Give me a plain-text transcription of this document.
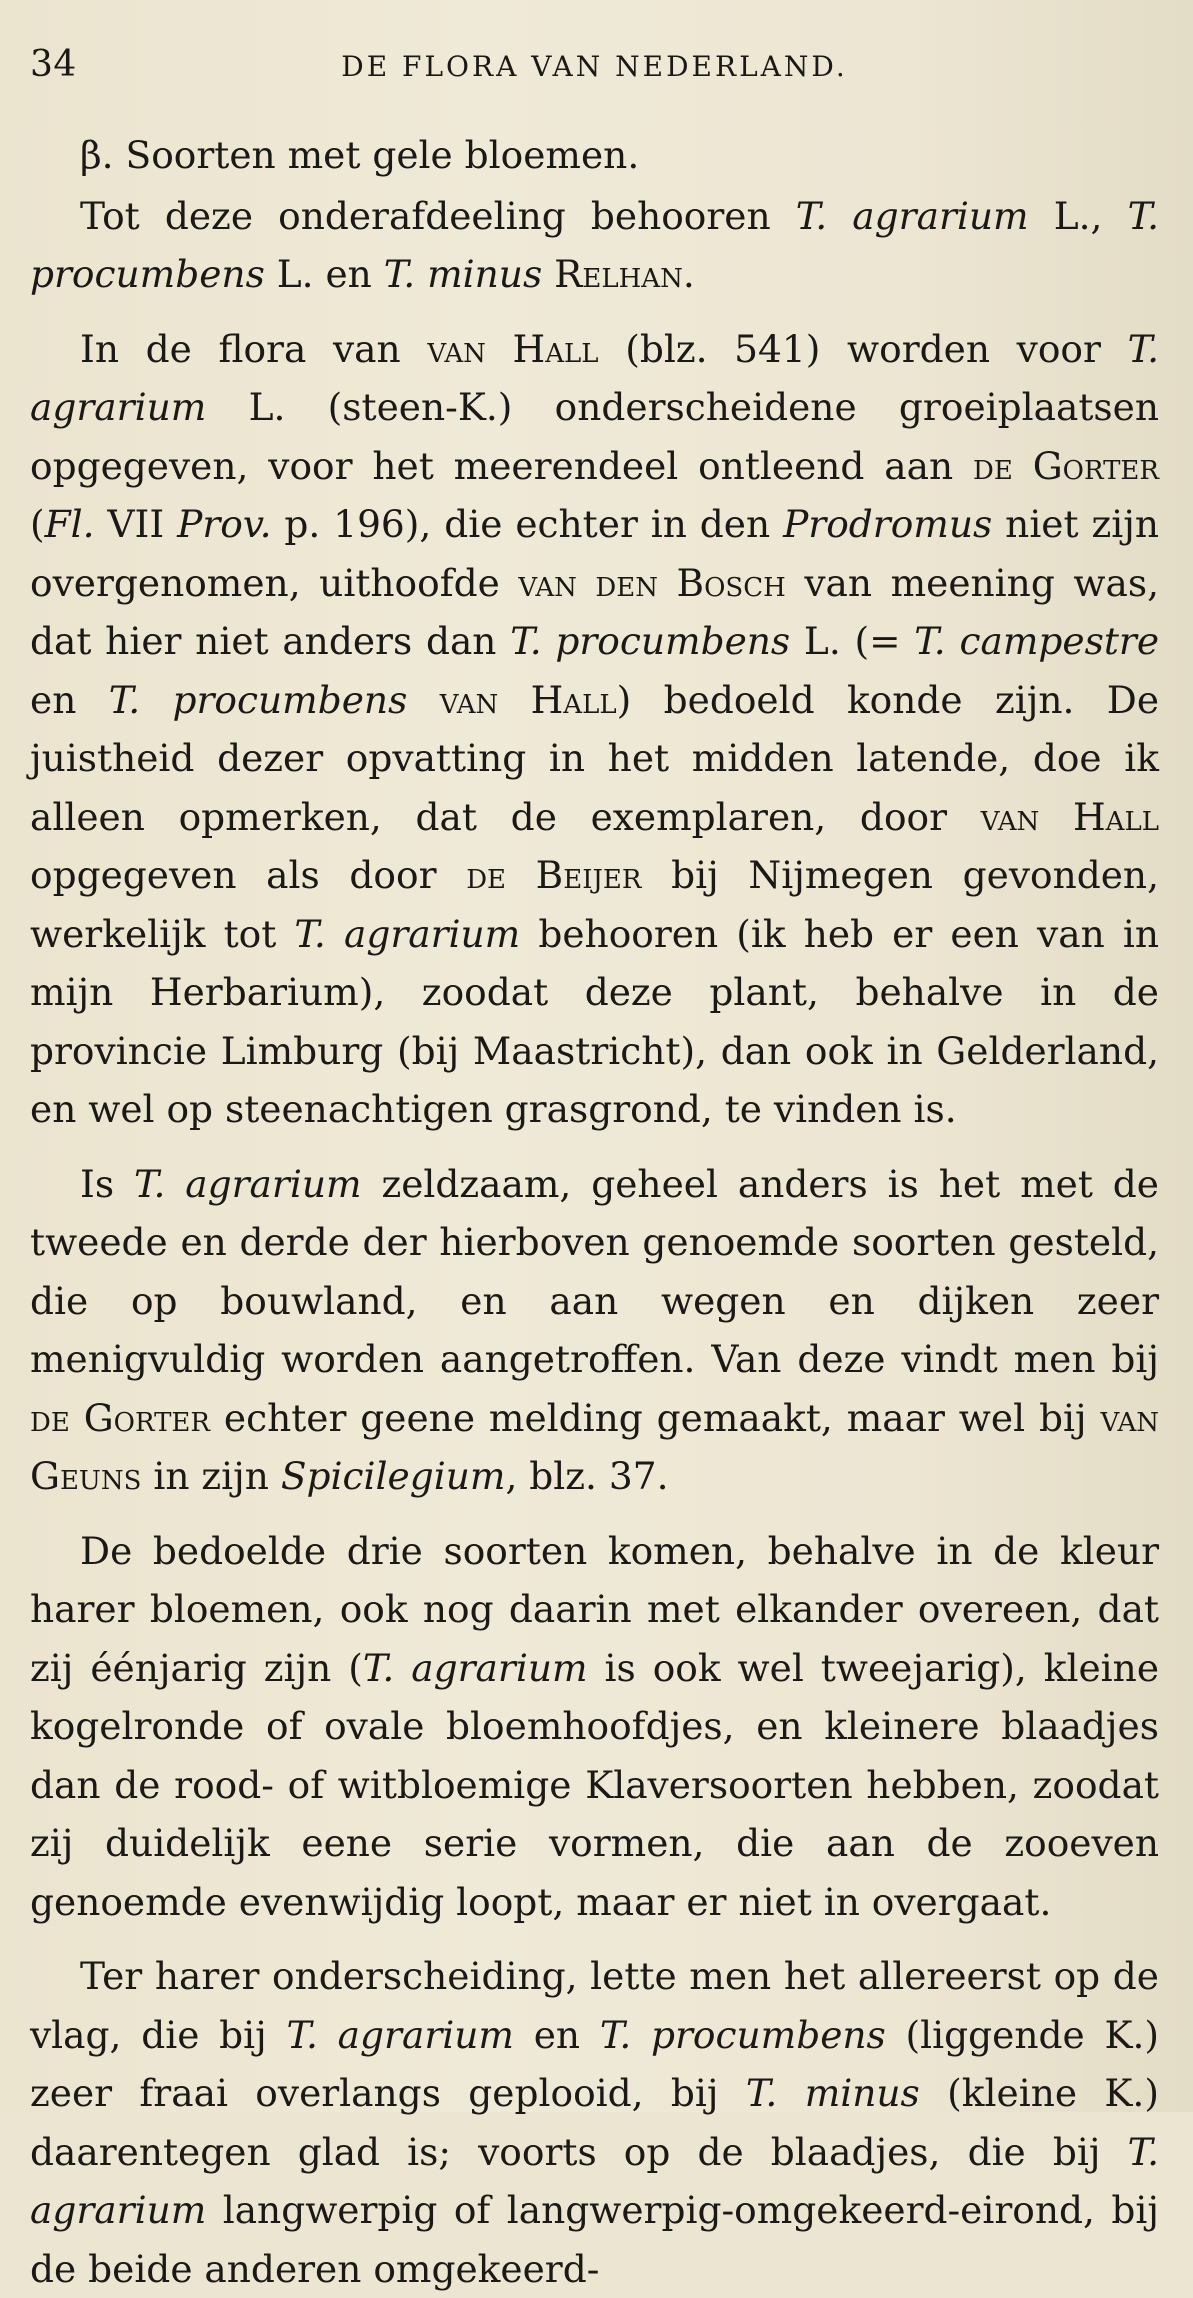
34	DE FLORA VAN NEDERLAND.

β. Soorten met gele bloemen.

Tot deze onderafdeeling behooren T. agrarium L., T. procumbens L. en T. minus Relhan.

In de flora van van Hall (blz. 541) worden voor T. agrarium L. (steen-K.) onderscheidene groeiplaatsen opgegeven, voor het meerendeel ontleend aan de Gorter (Fl. VII Prov. p. 196), die echter in den Prodromus niet zijn overgenomen, uithoofde van den Bosch van meening was, dat hier niet anders dan T. procumbens L. (= T. campestre en T. procumbens van Hall) bedoeld konde zijn. De juistheid dezer opvatting in het midden latende, doe ik alleen opmerken, dat de exemplaren, door van Hall opgegeven als door de Beijer bij Nijmegen gevonden, werkelijk tot T. agrarium behooren (ik heb er een van in mijn Herbarium), zoodat deze plant, behalve in de provincie Limburg (bij Maastricht), dan ook in Gelderland, en wel op steenachtigen grasgrond, te vinden is.

Is T. agrarium zeldzaam, geheel anders is het met de tweede en derde der hierboven genoemde soorten gesteld, die op bouwland, en aan wegen en dijken zeer menigvuldig worden aangetroffen. Van deze vindt men bij de Gorter echter geene melding gemaakt, maar wel bij van Geuns in zijn Spicilegium, blz. 37.

De bedoelde drie soorten komen, behalve in de kleur harer bloemen, ook nog daarin met elkander overeen, dat zij éénjarig zijn (T. agrarium is ook wel tweejarig), kleine kogelronde of ovale bloemhoofdjes, en kleinere blaadjes dan de rood- of witbloemige Klaversoorten hebben, zoodat zij duidelijk eene serie vormen, die aan de zooeven genoemde evenwijdig loopt, maar er niet in overgaat.

Ter harer onderscheiding, lette men het allereerst op de vlag, die bij T. agrarium en T. procumbens (liggende K.) zeer fraai overlangs geplooid, bij T. minus (kleine K.) daarentegen glad is; voorts op de blaadjes, die bij T. agrarium langwerpig of langwerpig-omgekeerd-eirond, bij de beide anderen omgekeerd-
